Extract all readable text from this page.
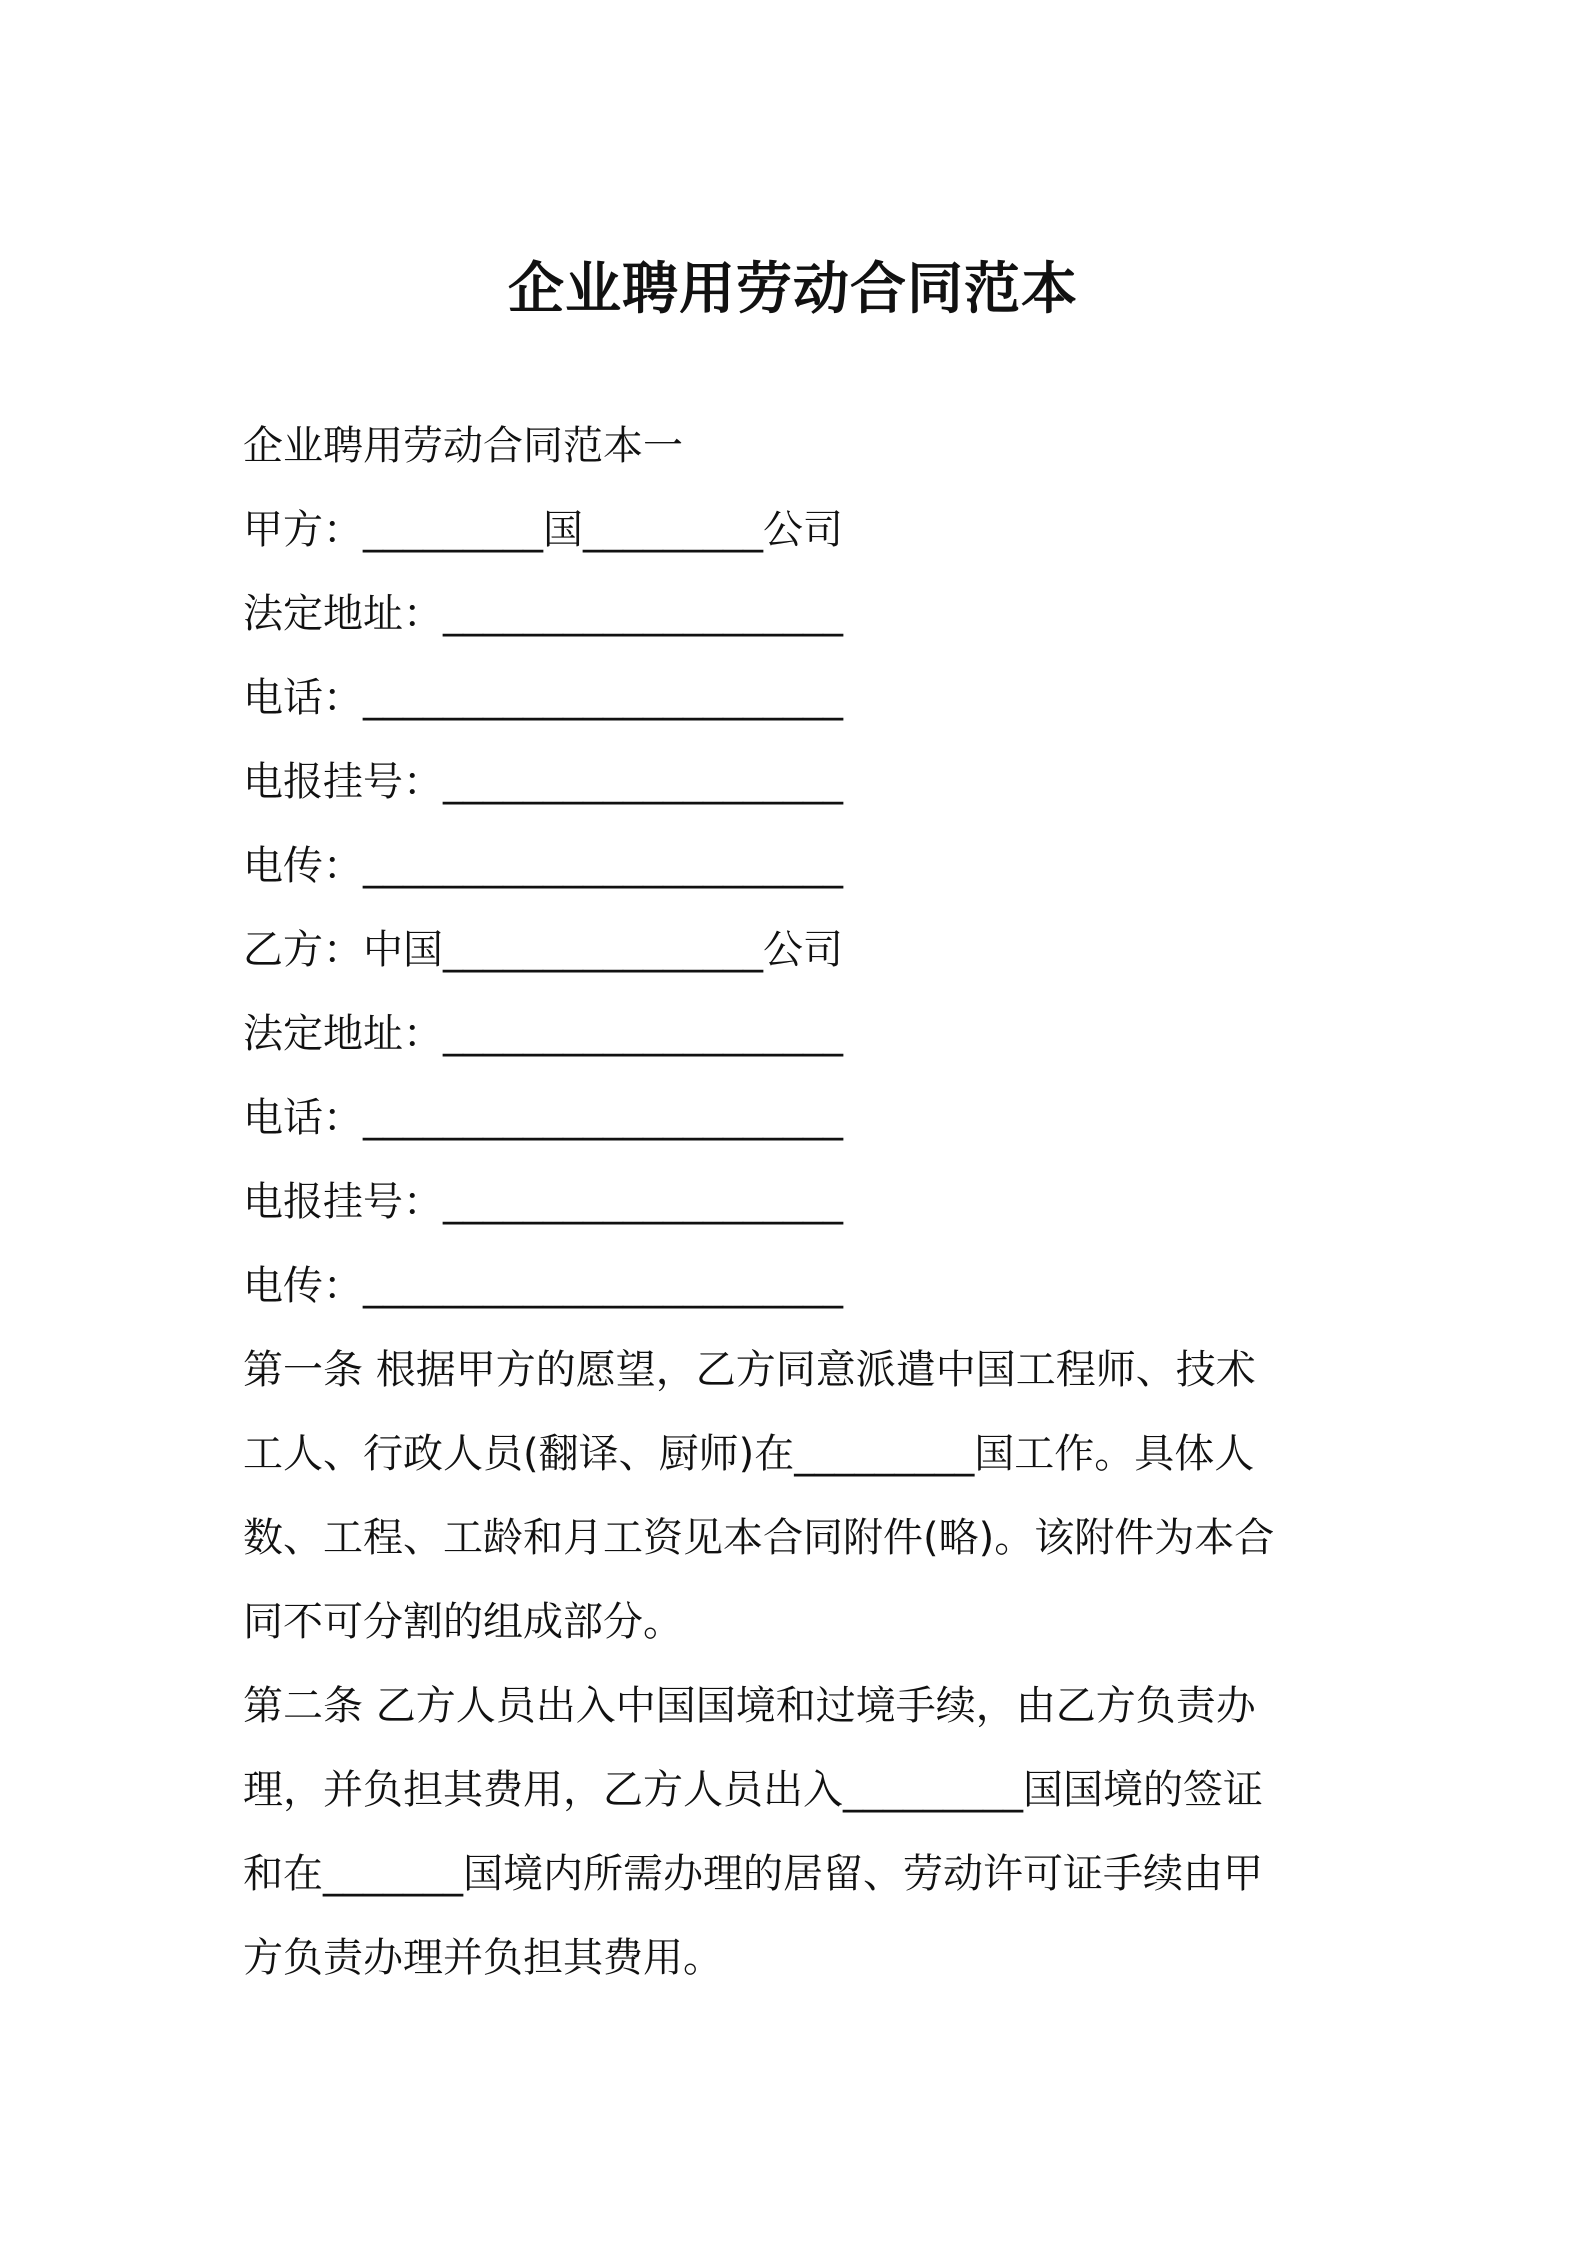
企业聘用劳动合同范本
企业聘用劳动合同范本一
甲方：_________国_________公司
法定地址：____________________
电话：________________________
电报挂号：____________________
电传：________________________
乙方：中国________________公司
法定地址：____________________
电话：________________________
电报挂号：____________________
电传：________________________
第一条 根据甲方的愿望，乙方同意派遣中国工程师、技术
工人、行政人员(翻译、厨师)在_________国工作。具体人
数、工程、工龄和月工资见本合同附件(略)。该附件为本合
同不可分割的组成部分。
第二条 乙方人员出入中国国境和过境手续，由乙方负责办
理，并负担其费用，乙方人员出入_________国国境的签证
和在_______国境内所需办理的居留、劳动许可证手续由甲
方负责办理并负担其费用。
